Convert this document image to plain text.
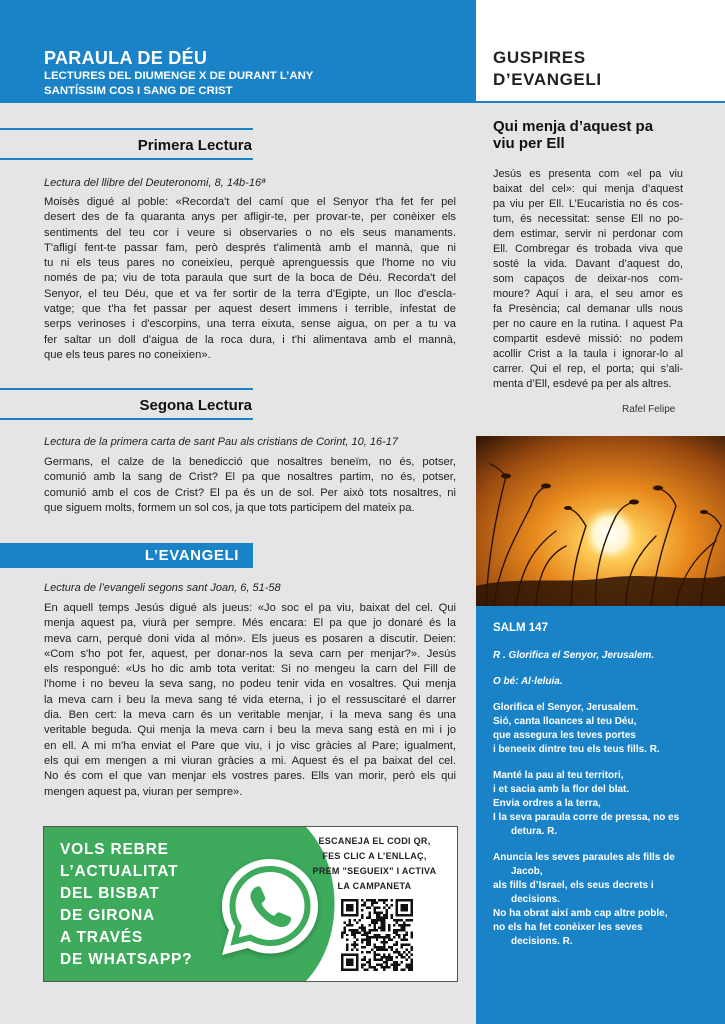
PARAULA DE DÉU
LECTURES DEL DIUMENGE X DE DURANT L’ANY
SANTÍSSIM COS I SANG DE CRIST
Primera Lectura
Lectura del llibre del Deuteronomi, 8, 14b-16ª
Moisès digué al poble: «Recorda't del camí que el Senyor t'ha fet fer pel
desert des de fa quaranta anys per afligir-te, per provar-te, per conèixer els
sentiments del teu cor i veure si observaries o no els seus manaments.
T'afligí fent-te passar fam, però després t'alimentà amb el mannà, que ni
tu ni els teus pares no coneixíeu, perquè aprenguessis que l'home no viu
només de pa; viu de tota paraula que surt de la boca de Déu. Recorda't del
Senyor, el teu Déu, que et va fer sortir de la terra d'Egipte, un lloc d'escla-
vatge; que t'ha fet passar per aquest desert immens i terrible, infestat de
serps verinoses i d'escorpins, una terra eixuta, sense aigua, on per a tu va
fer saltar un doll d'aigua de la roca dura, i t'hi alimentava amb el mannà,
que els teus pares no coneixien».
Segona Lectura
Lectura de la primera carta de sant Pau als cristians de Corint, 10, 16-17
Germans, el calze de la benedicció que nosaltres beneïm, no és, potser,
comunió amb la sang de Crist? El pa que nosaltres partim, no és, potser,
comunió amb el cos de Crist? El pa és un de sol. Per això tots nosaltres, ni
que siguem molts, formem un sol cos, ja que tots participem del mateix pa.
L’EVANGELI
Lectura de l’evangeli segons sant Joan, 6, 51-58
En aquell temps Jesús digué als jueus: «Jo soc el pa viu, baixat del cel. Qui
menja aquest pa, viurà per sempre. Més encara: El pa que jo donaré és la
meva carn, perquè doni vida al món». Els jueus es posaren a discutir. Deien:
«Com s'ho pot fer, aquest, per donar-nos la seva carn per menjar?». Jesús
els respongué: «Us ho dic amb tota veritat: Si no mengeu la carn del Fill de
l'home i no beveu la seva sang, no podeu tenir vida en vosaltres. Qui menja
la meva carn i beu la meva sang té vida eterna, i jo el ressuscitaré el darrer
dia. Ben cert: la meva carn és un veritable menjar, i la meva sang és una
veritable beguda. Qui menja la meva carn i beu la meva sang està en mi i jo
en ell. A mi m'ha enviat el Pare que viu, i jo visc gràcies al Pare; igualment,
els qui em mengen a mi viuran gràcies a mi. Aquest és el pa baixat del cel.
No és com el que van menjar els vostres pares. Ells van morir, però els qui
mengen aquest pa, viuran per sempre».
VOLS REBRE
L’ACTUALITAT
DEL BISBAT
DE GIRONA
A TRAVÉS
DE WHATSAPP?
ESCANEJA EL CODI QR,
FES CLIC A L’ENLLAÇ,
PREM "SEGUEIX" I ACTIVA
LA CAMPANETA
GUSPIRES
D’EVANGELI
Qui menja d’aquest pa
viu per Ell
Jesús es presenta com «el pa viu
baixat del cel»: qui menja d’aquest
pa viu per Ell. L’Eucaristia no és cos-
tum, és necessitat: sense Ell no po-
dem estimar, servir ni perdonar com
Ell. Combregar és trobada viva que
sosté la vida. Davant d’aquest do,
som capaços de deixar-nos com-
moure? Aquí i ara, el seu amor es
fa Presència; cal demanar ulls nous
per no caure en la rutina. I aquest Pa
compartit esdevé missió: no podem
acollir Crist a la taula i ignorar-lo al
carrer. Qui el rep, el porta; qui s’ali-
menta d’Ell, esdevé pa per als altres.
Rafel Felipe
SALM 147
R . Glorifica el Senyor, Jerusalem.
O bé: Al·leluia.
Glorifica el Senyor, Jerusalem.
Sió, canta lloances al teu Déu,
que assegura les teves portes
i beneeix dintre teu els teus fills. R.
Manté la pau al teu territori,
i et sacia amb la flor del blat.
Envia ordres a la terra,
I la seva paraula corre de pressa, no es
detura. R.
Anuncia les seves paraules als fills de
Jacob,
als fills d’Israel, els seus decrets i
decisions.
No ha obrat així amb cap altre poble,
no els ha fet conèixer les seves
decisions. R.
